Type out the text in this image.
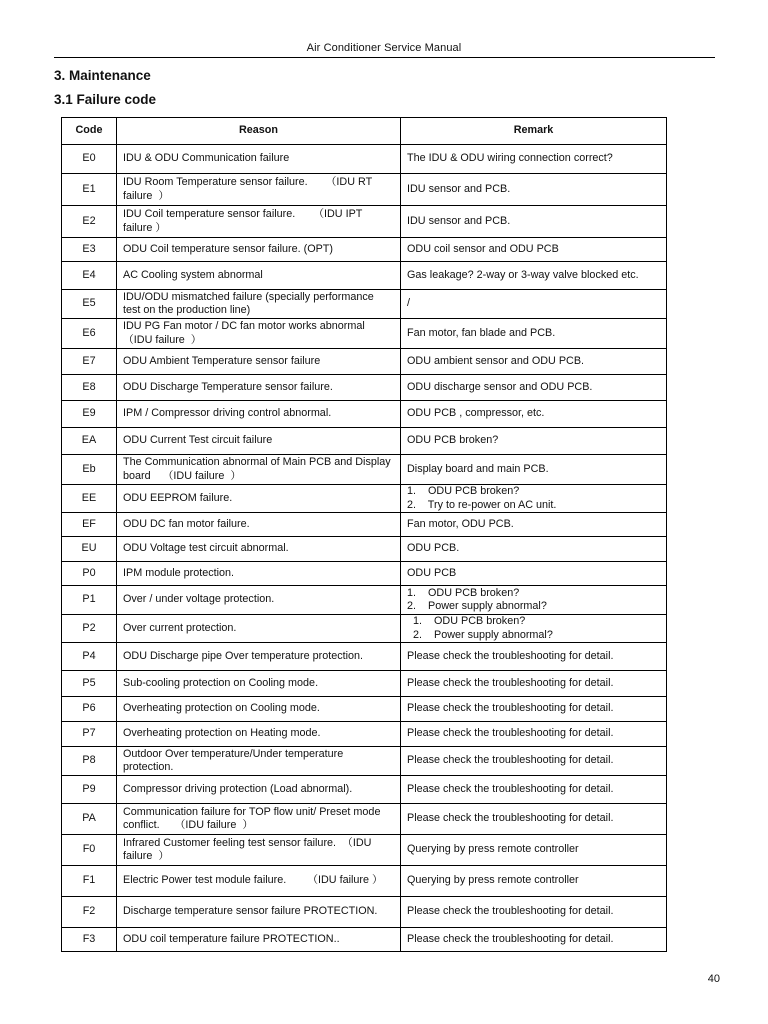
Air Conditioner Service Manual
3. Maintenance
3.1 Failure code
Code	Reason	Remark
E0	IDU & ODU Communication failure	The IDU & ODU wiring connection correct?

E1	IDU Room Temperature sensor failure.      （IDU RT failure  ）	IDU sensor and PCB.

E2	IDU Coil temperature sensor failure.      （IDU IPT failure ）	IDU sensor and PCB.

E3	ODU Coil temperature sensor failure. (OPT)	ODU coil sensor and ODU PCB

E4	AC Cooling system abnormal	Gas leakage? 2-way or 3-way valve blocked etc.

E5	IDU/ODU mismatched failure (specially performance test on the production line)	/

E6	IDU PG Fan motor / DC fan motor works abnormal  （IDU failure  ）	Fan motor, fan blade and PCB.

E7	ODU Ambient Temperature sensor failure	ODU ambient sensor and ODU PCB.

E8	ODU Discharge Temperature sensor failure.	ODU discharge sensor and ODU PCB.

E9	IPM / Compressor driving control abnormal.	ODU PCB , compressor, etc.

EA	ODU Current Test circuit failure	ODU PCB broken?

Eb	The Communication abnormal of Main PCB and Display board    （IDU failure  ）	Display board and main PCB.

EE	ODU EEPROM failure.	1.    ODU PCB broken?
2.    Try to re-power on AC unit.

EF	ODU DC fan motor failure.	Fan motor, ODU PCB.

EU	ODU Voltage test circuit abnormal.	ODU PCB.

P0	IPM module protection.	ODU PCB

P1	Over / under voltage protection.	1.    ODU PCB broken?
2.    Power supply abnormal?

P2	Over current protection.	1.    ODU PCB broken?
2.    Power supply abnormal?

P4	ODU Discharge pipe Over temperature protection.	Please check the troubleshooting for detail.

P5	Sub-cooling protection on Cooling mode.	Please check the troubleshooting for detail.

P6	Overheating protection on Cooling mode.	Please check the troubleshooting for detail.

P7	Overheating protection on Heating mode.	Please check the troubleshooting for detail.

P8	Outdoor Over temperature/Under temperature protection.	Please check the troubleshooting for detail.

P9	Compressor driving protection (Load abnormal).	Please check the troubleshooting for detail.

PA	Communication failure for TOP flow unit/ Preset mode conflict.     （IDU failure  ）	Please check the troubleshooting for detail.

F0	Infrared Customer feeling test sensor failure.  （IDU failure  ）	Querying by press remote controller

F1	Electric Power test module failure.       （IDU failure ）	Querying by press remote controller

F2	Discharge temperature sensor failure PROTECTION.	Please check the troubleshooting for detail.

F3	ODU coil temperature failure PROTECTION..	Please check the troubleshooting for detail.
40
